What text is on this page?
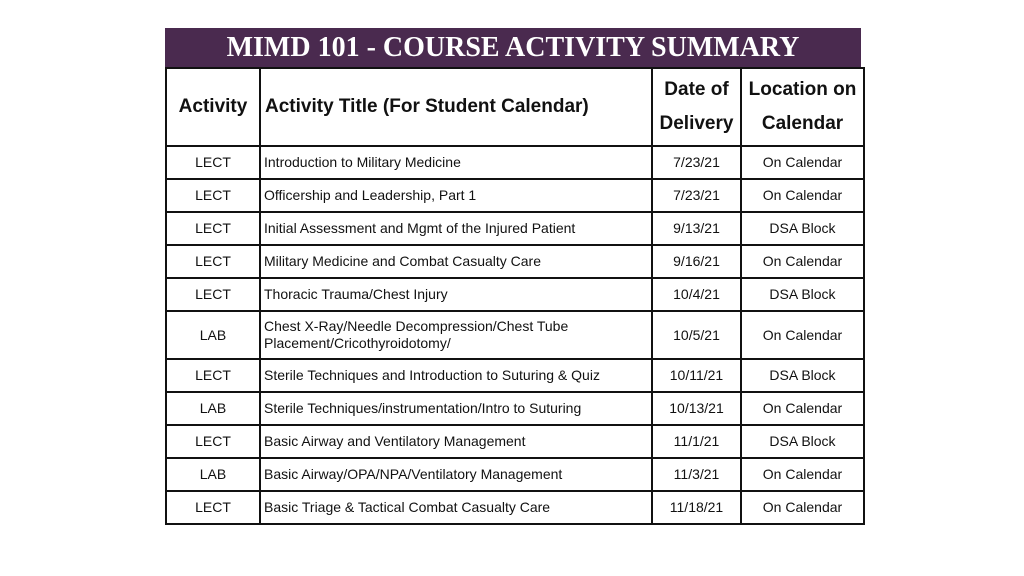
MIMD 101 - COURSE ACTIVITY SUMMARY
Activity	Activity Title (For Student Calendar)	Date of Delivery	Location on Calendar
LECT	Introduction to Military Medicine	7/23/21	On Calendar
LECT	Officership and Leadership, Part 1	7/23/21	On Calendar
LECT	Initial Assessment and Mgmt of the Injured Patient	9/13/21	DSA Block
LECT	Military Medicine and Combat Casualty Care	9/16/21	On Calendar
LECT	Thoracic Trauma/Chest Injury	10/4/21	DSA Block
LAB	Chest X-Ray/Needle Decompression/Chest Tube Placement/Cricothyroidotomy/	10/5/21	On Calendar
LECT	Sterile Techniques and Introduction to Suturing & Quiz	10/11/21	DSA Block
LAB	Sterile Techniques/instrumentation/Intro to Suturing	10/13/21	On Calendar
LECT	Basic Airway and Ventilatory Management	11/1/21	DSA Block
LAB	Basic Airway/OPA/NPA/Ventilatory Management	11/3/21	On Calendar
LECT	Basic Triage & Tactical Combat Casualty Care	11/18/21	On Calendar
